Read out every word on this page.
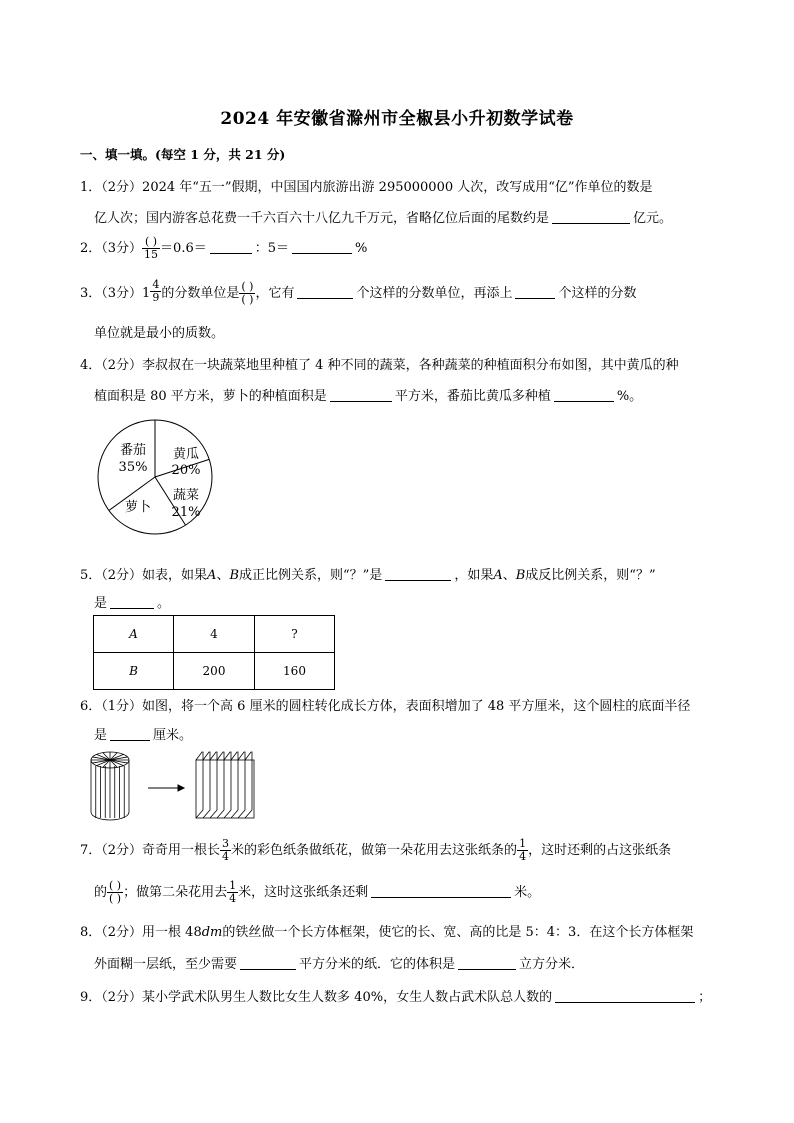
2024 年安徽省滁州市全椒县小升初数学试卷
一、填一填。(每空 1 分，共 21 分)
1．（2分）2024 年“五一”假期，中国国内旅游出游 295000000 人次，改写成用“亿”作单位的数是
亿人次；国内游客总花费一千六百六十八亿九千万元，省略亿位后面的尾数约是	亿元。
2．（3分） $\frac{( )}{15} =0.6=$	：5＝	%
3．（3分）$1 \frac{4}{9}$ 的分数单位是 $\frac{( )}{( )}$ ，它有	个这样的分数单位，再添上	个这样的分数
单位就是最小的质数。
4．（2分）李叔叔在一块蔬菜地里种植了 4 种不同的蔬菜，各种蔬菜的种植面积分布如图，其中黄瓜的种
植面积是 80 平方米，萝卜的种植面积是	平方米，番茄比黄瓜多种植	%。
番茄
35%
黄瓜
20%
蔬菜
21%
萝卜
5．（2分）如表，如果A、B成正比例关系，则“？”是	，如果A、B成反比例关系，则“？”
是	。
A	4	?
B	200	160
6．（1分）如图，将一个高 6 厘米的圆柱转化成长方体，表面积增加了 48 平方厘米，这个圆柱的底面半径
是	厘米。
7．（2分）奇奇用一根长 $\frac{3}{4}$ 米的彩色纸条做纸花，做第一朵花用去这张纸条的 $\frac{1}{4}$ ，这时还剩的占这张纸条
的 $\frac{( )}{( )}$ ；做第二朵花用去 $\frac{1}{4}$ 米，这时这张纸条还剩	米。
8．（2分）用一根 48dm的铁丝做一个长方体框架，使它的长、宽、高的比是 5：4：3．在这个长方体框架
外面糊一层纸，至少需要	平方分米的纸．它的体积是	立方分米．
9．（2分）某小学武术队男生人数比女生人数多 40%，女生人数占武术队总人数的	；
